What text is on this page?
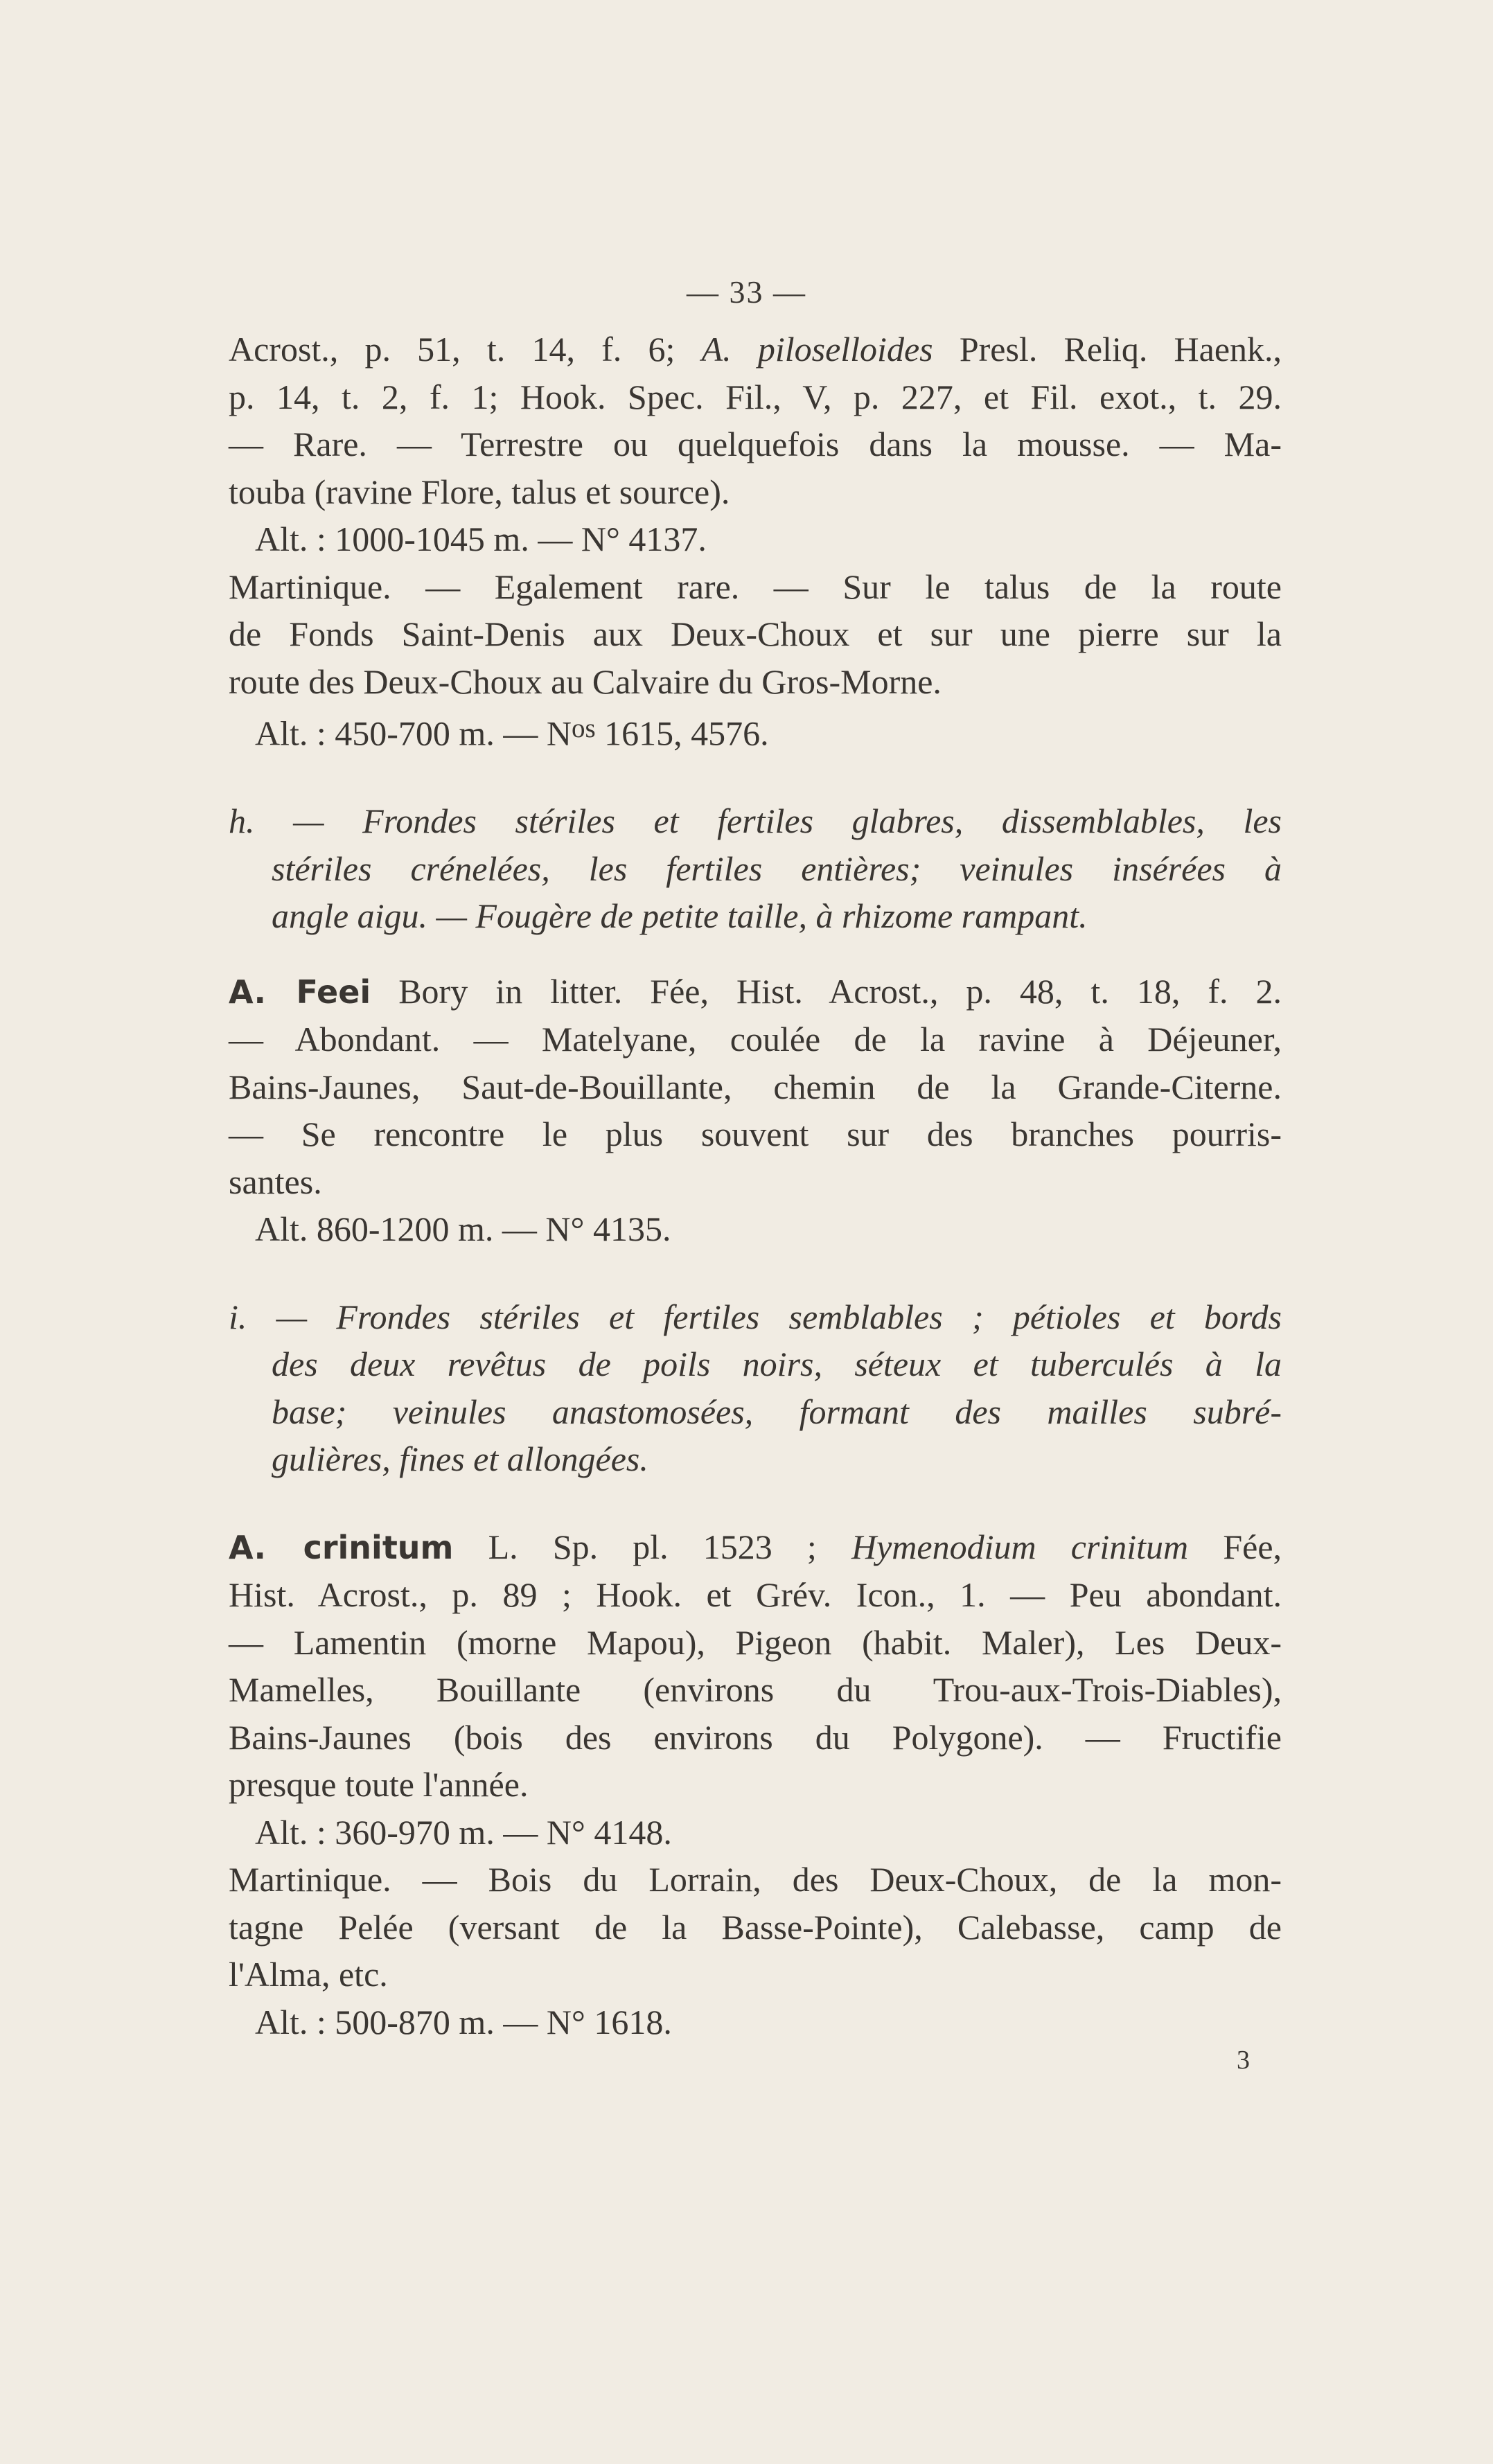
— 33 —
Acrost., p. 51, t. 14, f. 6; A. piloselloides Presl. Reliq. Haenk.,
p. 14, t. 2, f. 1; Hook. Spec. Fil., V, p. 227, et Fil. exot., t. 29.
— Rare. — Terrestre ou quelquefois dans la mousse. — Ma-
touba (ravine Flore, talus et source).
Alt. : 1000-1045 m. — N° 4137.
Martinique. — Egalement rare. — Sur le talus de la route
de Fonds Saint-Denis aux Deux-Choux et sur une pierre sur la
route des Deux-Choux au Calvaire du Gros-Morne.
Alt. : 450-700 m. — $N^{os}$ 1615, 4576.
h. — Frondes stériles et fertiles glabres, dissemblables, les
stériles crénelées, les fertiles entières; veinules insérées à
angle aigu. — Fougère de petite taille, à rhizome rampant.
A. Feei Bory in litter. Fée, Hist. Acrost., p. 48, t. 18, f. 2.
— Abondant. — Matelyane, coulée de la ravine à Déjeuner,
Bains-Jaunes, Saut-de-Bouillante, chemin de la Grande-Citerne.
— Se rencontre le plus souvent sur des branches pourris-
santes.
Alt. 860-1200 m. — N° 4135.
i. — Frondes stériles et fertiles semblables ; pétioles et bords
des deux revêtus de poils noirs, séteux et tuberculés à la
base; veinules anastomosées, formant des mailles subré-
gulières, fines et allongées.
A. crinitum L. Sp. pl. 1523 ; Hymenodium crinitum Fée,
Hist. Acrost., p. 89 ; Hook. et Grév. Icon., 1. — Peu abondant.
— Lamentin (morne Mapou), Pigeon (habit. Maler), Les Deux-
Mamelles, Bouillante (environs du Trou-aux-Trois-Diables),
Bains-Jaunes (bois des environs du Polygone). — Fructifie
presque toute l'année.
Alt. : 360-970 m. — N° 4148.
Martinique. — Bois du Lorrain, des Deux-Choux, de la mon-
tagne Pelée (versant de la Basse-Pointe), Calebasse, camp de
l'Alma, etc.
Alt. : 500-870 m. — N° 1618.
3
